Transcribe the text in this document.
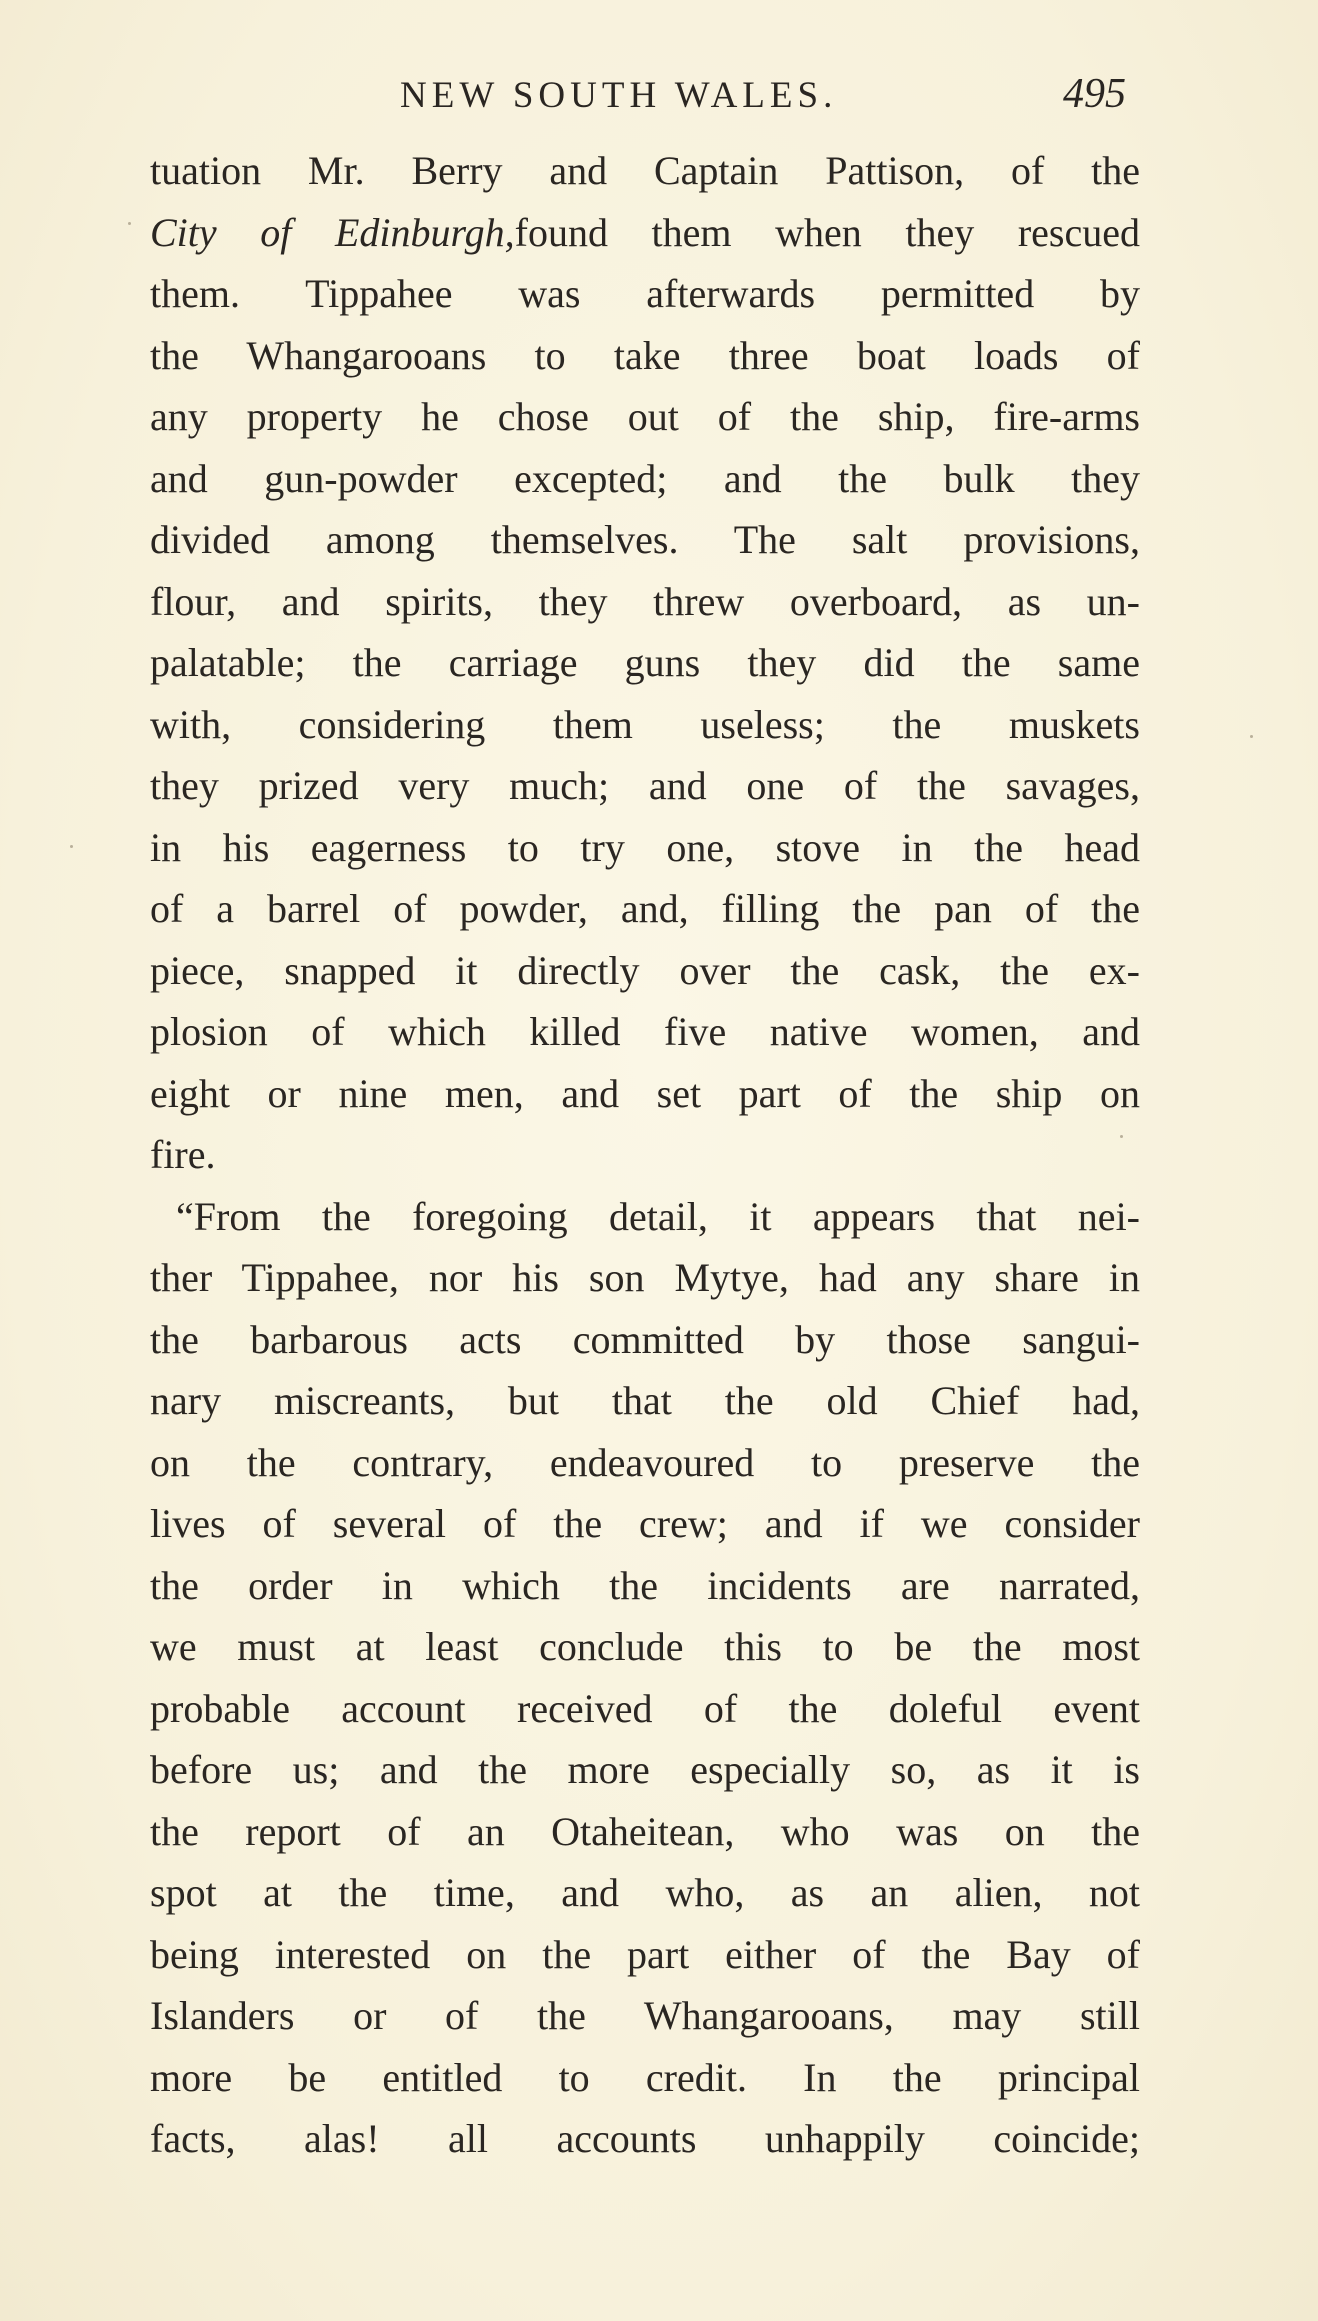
NEW SOUTH WALES.	495
tuation Mr. Berry and Captain Pattison, of the
City of Edinburgh,found them when they rescued
them. Tippahee was afterwards permitted by
the Whangarooans to take three boat loads of
any property he chose out of the ship, fire-arms
and gun-powder excepted; and the bulk they
divided among themselves. The salt provisions,
flour, and spirits, they threw overboard, as un-
palatable; the carriage guns they did the same
with, considering them useless; the muskets
they prized very much; and one of the savages,
in his eagerness to try one, stove in the head
of a barrel of powder, and, filling the pan of the
piece, snapped it directly over the cask, the ex-
plosion of which killed five native women, and
eight or nine men, and set part of the ship on
fire.
“From the foregoing detail, it appears that nei-
ther Tippahee, nor his son Mytye, had any share in
the barbarous acts committed by those sangui-
nary miscreants, but that the old Chief had,
on the contrary, endeavoured to preserve the
lives of several of the crew; and if we consider
the order in which the incidents are narrated,
we must at least conclude this to be the most
probable account received of the doleful event
before us; and the more especially so, as it is
the report of an Otaheitean, who was on the
spot at the time, and who, as an alien, not
being interested on the part either of the Bay of
Islanders or of the Whangarooans, may still
more be entitled to credit. In the principal
facts, alas! all accounts unhappily coincide;
